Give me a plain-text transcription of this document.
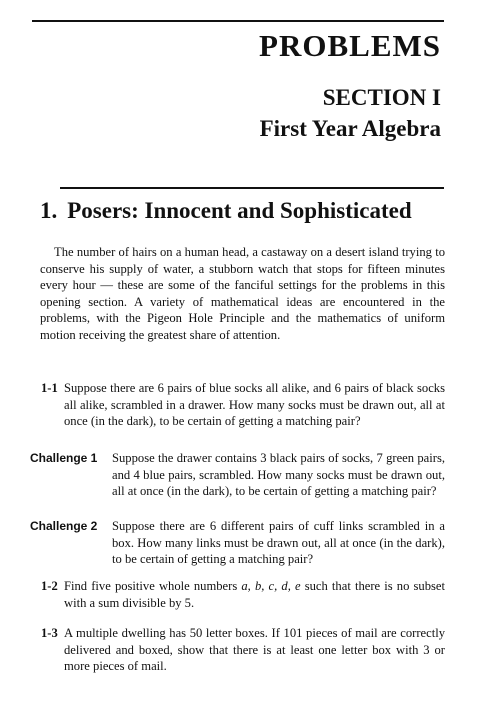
PROBLEMS
SECTION I
First Year Algebra
1. Posers: Innocent and Sophisticated

The number of hairs on a human head, a castaway on a desert island trying to conserve his supply of water, a stubborn watch that stops for fifteen minutes every hour — these are some of the fanciful settings for the problems in this opening section. A variety of mathematical ideas are encountered in the problems, with the Pigeon Hole Principle and the mathematics of uniform motion receiving the greatest share of attention.

1-1 Suppose there are 6 pairs of blue socks all alike, and 6 pairs of black socks all alike, scrambled in a drawer. How many socks must be drawn out, all at once (in the dark), to be certain of getting a matching pair?
Challenge 1 Suppose the drawer contains 3 black pairs of socks, 7 green pairs, and 4 blue pairs, scrambled. How many socks must be drawn out, all at once (in the dark), to be certain of getting a matching pair?
Challenge 2 Suppose there are 6 different pairs of cuff links scrambled in a box. How many links must be drawn out, all at once (in the dark), to be certain of getting a matching pair?
1-2 Find five positive whole numbers a, b, c, d, e such that there is no subset with a sum divisible by 5.
1-3 A multiple dwelling has 50 letter boxes. If 101 pieces of mail are correctly delivered and boxed, show that there is at least one letter box with 3 or more pieces of mail.
